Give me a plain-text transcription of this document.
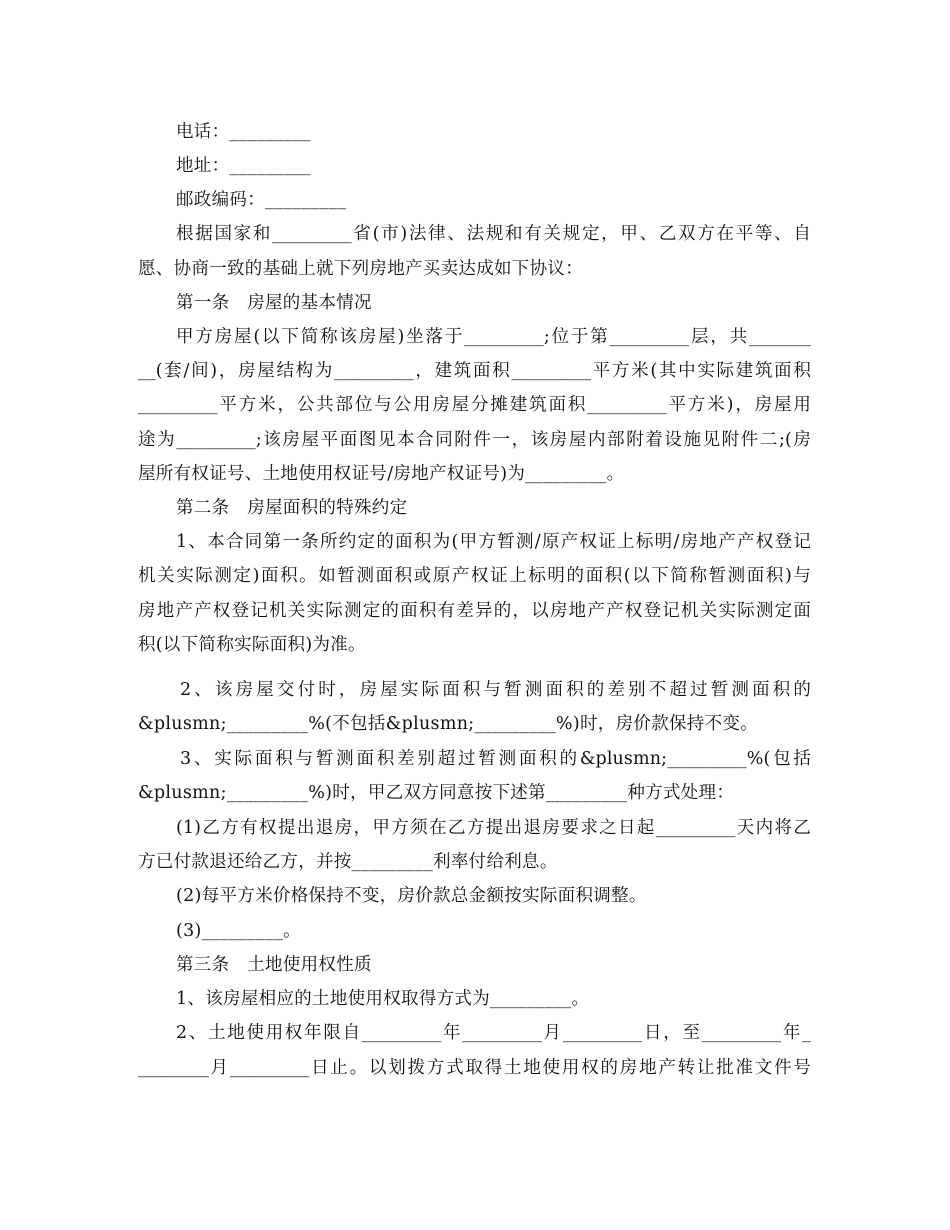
电话：_________
地址：_________
邮政编码：_________
根据国家和_________省(市)法律、法规和有关规定，甲、乙双方在平等、自
愿、协商一致的基础上就下列房地产买卖达成如下协议：
第一条　房屋的基本情况
甲方房屋(以下简称该房屋)坐落于_________;位于第_________层，共_______
__(套/间)，房屋结构为_________，建筑面积_________平方米(其中实际建筑面积
_________平方米，公共部位与公用房屋分摊建筑面积_________平方米)，房屋用
途为_________;该房屋平面图见本合同附件一，该房屋内部附着设施见附件二;(房
屋所有权证号、土地使用权证号/房地产权证号)为_________。
第二条　房屋面积的特殊约定
1、本合同第一条所约定的面积为(甲方暂测/原产权证上标明/房地产产权登记
机关实际测定)面积。如暂测面积或原产权证上标明的面积(以下简称暂测面积)与
房地产产权登记机关实际测定的面积有差异的，以房地产产权登记机关实际测定面
积(以下简称实际面积)为准。
2、该房屋交付时，房屋实际面积与暂测面积的差别不超过暂测面积的
&plusmn;_________%(不包括&plusmn;_________%)时，房价款保持不变。
3、实际面积与暂测面积差别超过暂测面积的&plusmn;_________%(包括
&plusmn;_________%)时，甲乙双方同意按下述第_________种方式处理：
(1)乙方有权提出退房，甲方须在乙方提出退房要求之日起_________天内将乙
方已付款退还给乙方，并按_________利率付给利息。
(2)每平方米价格保持不变，房价款总金额按实际面积调整。
(3)_________。
第三条　土地使用权性质
1、该房屋相应的土地使用权取得方式为_________。
2、土地使用权年限自_________年_________月_________日，至_________年_
________月_________日止。以划拨方式取得土地使用权的房地产转让批准文件号
